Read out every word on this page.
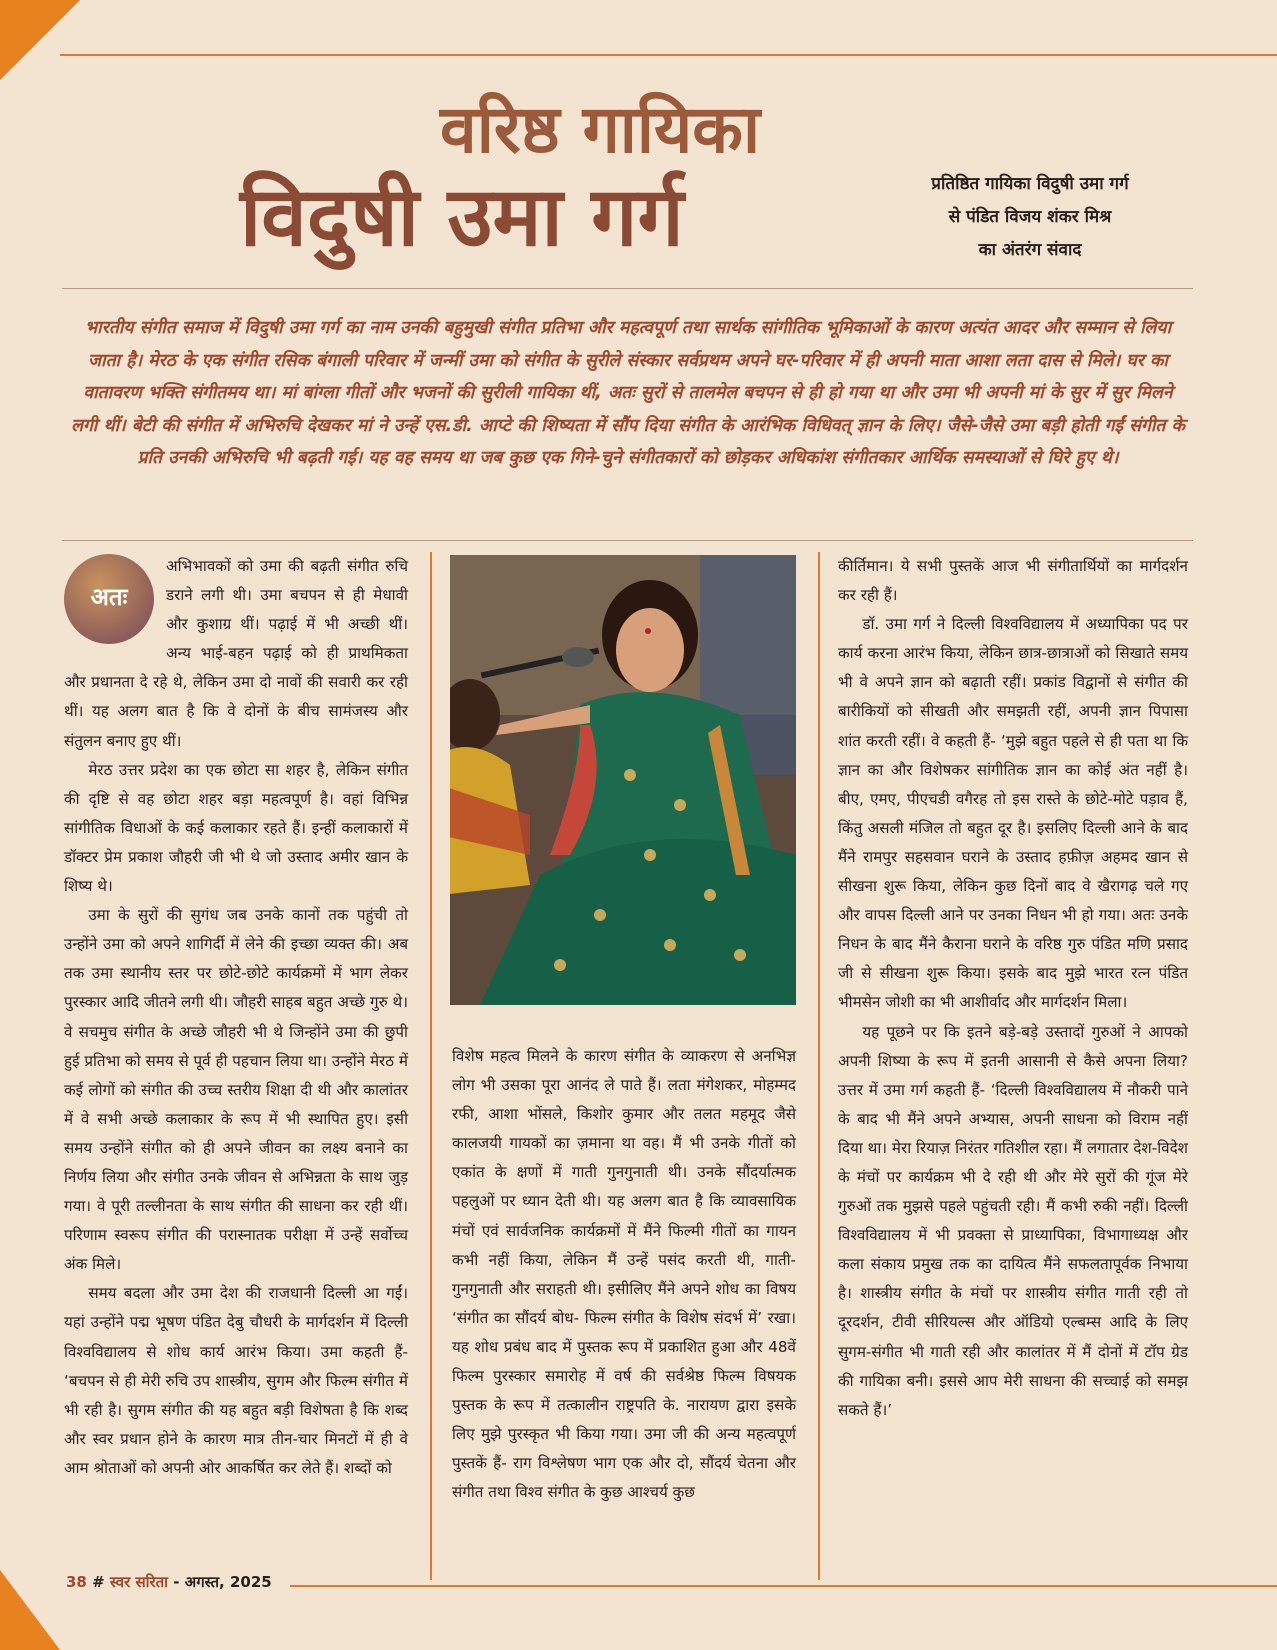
वरिष्ठ गायिका
विदुषी उमा गर्ग	प्रतिष्ठित गायिका विदुषी उमा गर्ग
से पंडित विजय शंकर मिश्र
का अंतरंग संवाद
भारतीय संगीत समाज में विदुषी उमा गर्ग का नाम उनकी बहुमुखी संगीत प्रतिभा और महत्वपूर्ण तथा सार्थक सांगीतिक भूमिकाओं के कारण अत्यंत आदर और सम्मान से लिया जाता है। मेरठ के एक संगीत रसिक बंगाली परिवार में जन्मीं उमा को संगीत के सुरीले संस्कार सर्वप्रथम अपने घर-परिवार में ही अपनी माता आशा लता दास से मिले। घर का वातावरण भक्ति संगीतमय था। मां बांग्ला गीतों और भजनों की सुरीली गायिका थीं, अतः सुरों से तालमेल बचपन से ही हो गया था और उमा भी अपनी मां के सुर में सुर मिलने लगी थीं। बेटी की संगीत में अभिरुचि देखकर मां ने उन्हें एस.डी. आप्टे की शिष्यता में सौंप दिया संगीत के आरंभिक विधिवत् ज्ञान के लिए। जैसे-जैसे उमा बड़ी होती गईं संगीत के प्रति उनकी अभिरुचि भी बढ़ती गई। यह वह समय था जब कुछ एक गिने-चुने संगीतकारों को छोड़कर अधिकांश संगीतकार आर्थिक समस्याओं से घिरे हुए थे।
अतः

अभिभावकों को उमा की बढ़ती संगीत रुचि डराने लगी थी। उमा बचपन से ही मेधावी और कुशाग्र थीं। पढ़ाई में भी अच्छी थीं। अन्य भाई-बहन पढ़ाई को ही प्राथमिकता और प्रधानता दे रहे थे, लेकिन उमा दो नावों की सवारी कर रही थीं। यह अलग बात है कि वे दोनों के बीच सामंजस्य और संतुलन बनाए हुए थीं।

मेरठ उत्तर प्रदेश का एक छोटा सा शहर है, लेकिन संगीत की दृष्टि से वह छोटा शहर बड़ा महत्वपूर्ण है। वहां विभिन्न सांगीतिक विधाओं के कई कलाकार रहते हैं। इन्हीं कलाकारों में डॉक्टर प्रेम प्रकाश जौहरी जी भी थे जो उस्ताद अमीर खान के शिष्य थे।

उमा के सुरों की सुगंध जब उनके कानों तक पहुंची तो उन्होंने उमा को अपने शागिर्दी में लेने की इच्छा व्यक्त की। अब तक उमा स्थानीय स्तर पर छोटे-छोटे कार्यक्रमों में भाग लेकर पुरस्कार आदि जीतने लगी थी। जौहरी साहब बहुत अच्छे गुरु थे। वे सचमुच संगीत के अच्छे जौहरी भी थे जिन्होंने उमा की छुपी हुई प्रतिभा को समय से पूर्व ही पहचान लिया था। उन्होंने मेरठ में कई लोगों को संगीत की उच्च स्तरीय शिक्षा दी थी और कालांतर में वे सभी अच्छे कलाकार के रूप में भी स्थापित हुए। इसी समय उन्होंने संगीत को ही अपने जीवन का लक्ष्य बनाने का निर्णय लिया और संगीत उनके जीवन से अभिन्नता के साथ जुड़ गया। वे पूरी तल्लीनता के साथ संगीत की साधना कर रही थीं। परिणाम स्वरूप संगीत की परास्नातक परीक्षा में उन्हें सर्वोच्च अंक मिले।

समय बदला और उमा देश की राजधानी दिल्ली आ गईं। यहां उन्होंने पद्म भूषण पंडित देबु चौधरी के मार्गदर्शन में दिल्ली विश्वविद्यालय से शोध कार्य आरंभ किया। उमा कहती हैं- ‘बचपन से ही मेरी रुचि उप शास्त्रीय, सुगम और फिल्म संगीत में भी रही है। सुगम संगीत की यह बहुत बड़ी विशेषता है कि शब्द और स्वर प्रधान होने के कारण मात्र तीन-चार मिनटों में ही वे आम श्रोताओं को अपनी ओर आकर्षित कर लेते हैं। शब्दों को

विशेष महत्व मिलने के कारण संगीत के व्याकरण से अनभिज्ञ लोग भी उसका पूरा आनंद ले पाते हैं। लता मंगेशकर, मोहम्मद रफी, आशा भोंसले, किशोर कुमार और तलत महमूद जैसे कालजयी गायकों का ज़माना था वह। मैं भी उनके गीतों को एकांत के क्षणों में गाती गुनगुनाती थी। उनके सौंदर्यात्मक पहलुओं पर ध्यान देती थी। यह अलग बात है कि व्यावसायिक मंचों एवं सार्वजनिक कार्यक्रमों में मैंने फिल्मी गीतों का गायन कभी नहीं किया, लेकिन मैं उन्हें पसंद करती थी, गाती-गुनगुनाती और सराहती थी। इसीलिए मैंने अपने शोध का विषय ‘संगीत का सौंदर्य बोध- फिल्म संगीत के विशेष संदर्भ में’ रखा। यह शोध प्रबंध बाद में पुस्तक रूप में प्रकाशित हुआ और 48वें फिल्म पुरस्कार समारोह में वर्ष की सर्वश्रेष्ठ फिल्म विषयक पुस्तक के रूप में तत्कालीन राष्ट्रपति के. नारायण द्वारा इसके लिए मुझे पुरस्कृत भी किया गया। उमा जी की अन्य महत्वपूर्ण पुस्तकें हैं- राग विश्लेषण भाग एक और दो, सौंदर्य चेतना और संगीत तथा विश्व संगीत के कुछ आश्चर्य कुछ

कीर्तिमान। ये सभी पुस्तकें आज भी संगीतार्थियों का मार्गदर्शन कर रही हैं।

डॉ. उमा गर्ग ने दिल्ली विश्वविद्यालय में अध्यापिका पद पर कार्य करना आरंभ किया, लेकिन छात्र-छात्राओं को सिखाते समय भी वे अपने ज्ञान को बढ़ाती रहीं। प्रकांड विद्वानों से संगीत की बारीकियों को सीखती और समझती रहीं, अपनी ज्ञान पिपासा शांत करती रहीं। वे कहती हैं- ‘मुझे बहुत पहले से ही पता था कि ज्ञान का और विशेषकर सांगीतिक ज्ञान का कोई अंत नहीं है। बीए, एमए, पीएचडी वगैरह तो इस रास्ते के छोटे-मोटे पड़ाव हैं, किंतु असली मंजिल तो बहुत दूर है। इसलिए दिल्ली आने के बाद मैंने रामपुर सहसवान घराने के उस्ताद हफ़ीज़ अहमद खान से सीखना शुरू किया, लेकिन कुछ दिनों बाद वे खैरागढ़ चले गए और वापस दिल्ली आने पर उनका निधन भी हो गया। अतः उनके निधन के बाद मैंने कैराना घराने के वरिष्ठ गुरु पंडित मणि प्रसाद जी से सीखना शुरू किया। इसके बाद मुझे भारत रत्न पंडित भीमसेन जोशी का भी आशीर्वाद और मार्गदर्शन मिला।

यह पूछने पर कि इतने बड़े-बड़े उस्तादों गुरुओं ने आपको अपनी शिष्या के रूप में इतनी आसानी से कैसे अपना लिया? उत्तर में उमा गर्ग कहती हैं- ‘दिल्ली विश्वविद्यालय में नौकरी पाने के बाद भी मैंने अपने अभ्यास, अपनी साधना को विराम नहीं दिया था। मेरा रियाज़ निरंतर गतिशील रहा। मैं लगातार देश-विदेश के मंचों पर कार्यक्रम भी दे रही थी और मेरे सुरों की गूंज मेरे गुरुओं तक मुझसे पहले पहुंचती रही। मैं कभी रुकी नहीं। दिल्ली विश्वविद्यालय में भी प्रवक्ता से प्राध्यापिका, विभागाध्यक्ष और कला संकाय प्रमुख तक का दायित्व मैंने सफलतापूर्वक निभाया है। शास्त्रीय संगीत के मंचों पर शास्त्रीय संगीत गाती रही तो दूरदर्शन, टीवी सीरियल्स और ऑडियो एल्बम्स आदि के लिए सुगम-संगीत भी गाती रही और कालांतर में मैं दोनों में टॉप ग्रेड की गायिका बनी। इससे आप मेरी साधना की सच्चाई को समझ सकते हैं।’

38 # स्वर सरिता - अगस्त, 2025
